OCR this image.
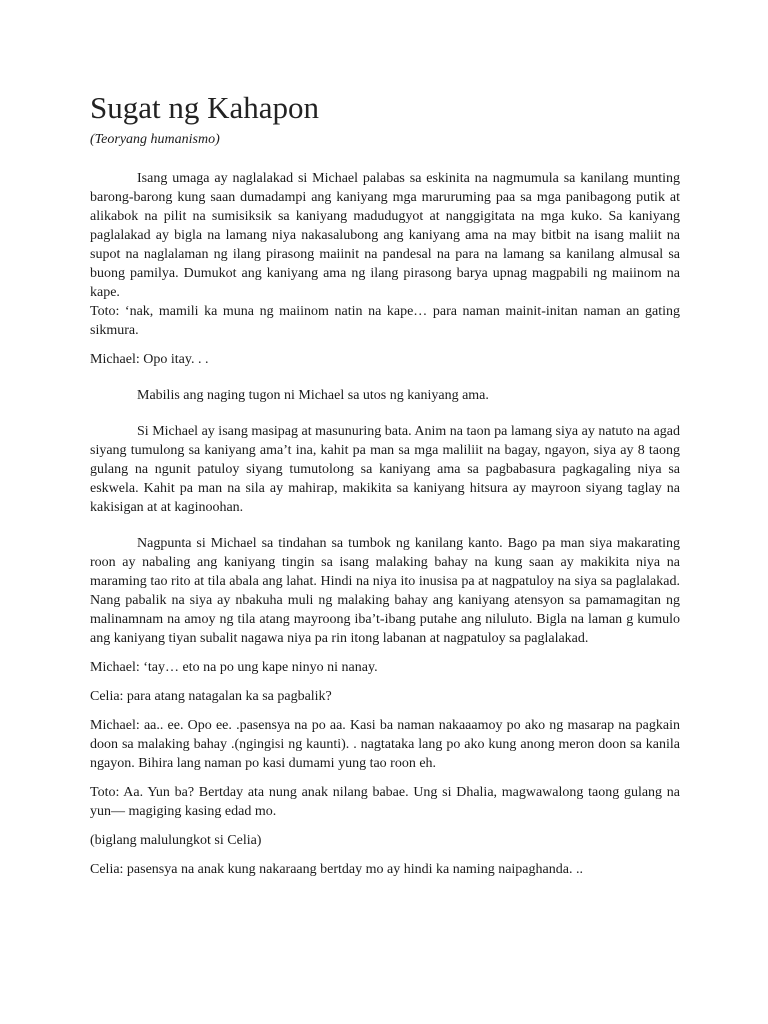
Sugat ng Kahapon

(Teoryang humanismo)

Isang umaga ay naglalakad si Michael palabas sa eskinita na nagmumula sa kanilang munting barong-barong kung saan dumadampi ang kaniyang mga maruruming paa sa mga panibagong putik at alikabok na pilit na sumisiksik sa kaniyang madudugyot at nanggigitata na mga kuko. Sa kaniyang paglalakad ay bigla na lamang niya nakasalubong ang kaniyang ama na may bitbit na isang maliit na supot na naglalaman ng ilang pirasong maiinit na pandesal na para na lamang sa kanilang almusal sa buong pamilya. Dumukot ang kaniyang ama ng ilang pirasong barya upnag magpabili ng maiinom na kape.

Toto: ‘nak, mamili ka muna ng maiinom natin na kape… para naman mainit-initan naman an gating sikmura.

Michael: Opo itay. . .

Mabilis ang naging tugon ni Michael sa utos ng kaniyang ama.

Si Michael ay isang masipag at masunuring bata. Anim na taon pa lamang siya ay natuto na agad siyang tumulong sa kaniyang ama’t ina, kahit pa man sa mga maliliit na bagay, ngayon, siya ay 8 taong gulang na ngunit patuloy siyang tumutolong sa kaniyang ama sa pagbabasura pagkagaling niya sa eskwela. Kahit pa man na sila ay mahirap, makikita sa kaniyang hitsura ay mayroon siyang taglay na kakisigan at at kaginoohan.

Nagpunta si Michael sa tindahan sa tumbok ng kanilang kanto. Bago pa man siya makarating roon ay nabaling ang kaniyang tingin sa isang malaking bahay na kung saan ay makikita niya na maraming tao rito at tila abala ang lahat. Hindi na niya ito inusisa pa at nagpatuloy na siya sa paglalakad. Nang pabalik na siya ay nbakuha muli ng malaking bahay ang kaniyang atensyon sa pamamagitan ng malinamnam na amoy ng tila atang mayroong iba’t-ibang putahe ang niluluto. Bigla na laman g kumulo ang kaniyang tiyan subalit nagawa niya pa rin itong labanan at nagpatuloy sa paglalakad.

Michael: ‘tay… eto na po ung kape ninyo ni nanay.

Celia: para atang natagalan ka sa pagbalik?

Michael: aa.. ee. Opo ee. .pasensya na po aa. Kasi ba naman nakaaamoy po ako ng masarap na pagkain doon sa malaking bahay .(ngingisi ng kaunti). . nagtataka lang po ako kung anong meron doon sa kanila ngayon. Bihira lang naman po kasi dumami yung tao roon eh.

Toto: Aa. Yun ba? Bertday ata nung anak nilang babae. Ung si Dhalia, magwawalong taong gulang na yun— magiging kasing edad mo.

(biglang malulungkot si Celia)

Celia: pasensya na anak kung nakaraang bertday mo ay hindi ka naming naipaghanda. ..
